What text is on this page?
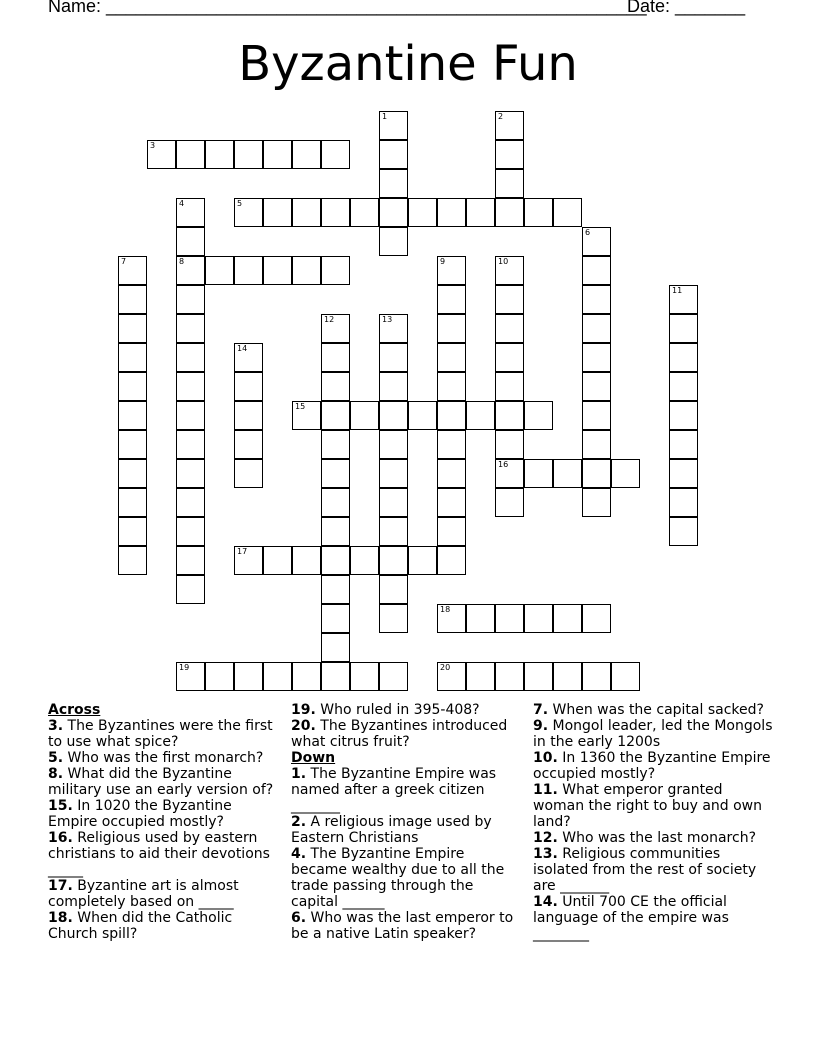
Name: ______________________________________________________
Date: _______
Byzantine Fun
1	2
3
4
8
5
6
7	9	10
16
11
12	13
14
15
17
18
19	20
Across
3. The Byzantines were the first to use what spice?
5. Who was the first monarch?
8. What did the Byzantine military use an early version of?
15. In 1020 the Byzantine Empire occupied mostly?
16. Religious used by eastern christians to aid their devotions _____
17. Byzantine art is almost completely based on _____
18. When did the Catholic Church spill?
19. Who ruled in 395-408?
20. The Byzantines introduced what citrus fruit?
Down
1. The Byzantine Empire was named after a greek citizen _______
2. A religious image used by Eastern Christians
4. The Byzantine Empire became wealthy due to all the trade passing through the capital ______
6. Who was the last emperor to be a native Latin speaker?
7. When was the capital sacked?
9. Mongol leader, led the Mongols in the early 1200s
10. In 1360 the Byzantine Empire occupied mostly?
11. What emperor granted woman the right to buy and own land?
12. Who was the last monarch?
13. Religious communities isolated from the rest of society are _______
14. Until 700 CE the official language of the empire was ________
